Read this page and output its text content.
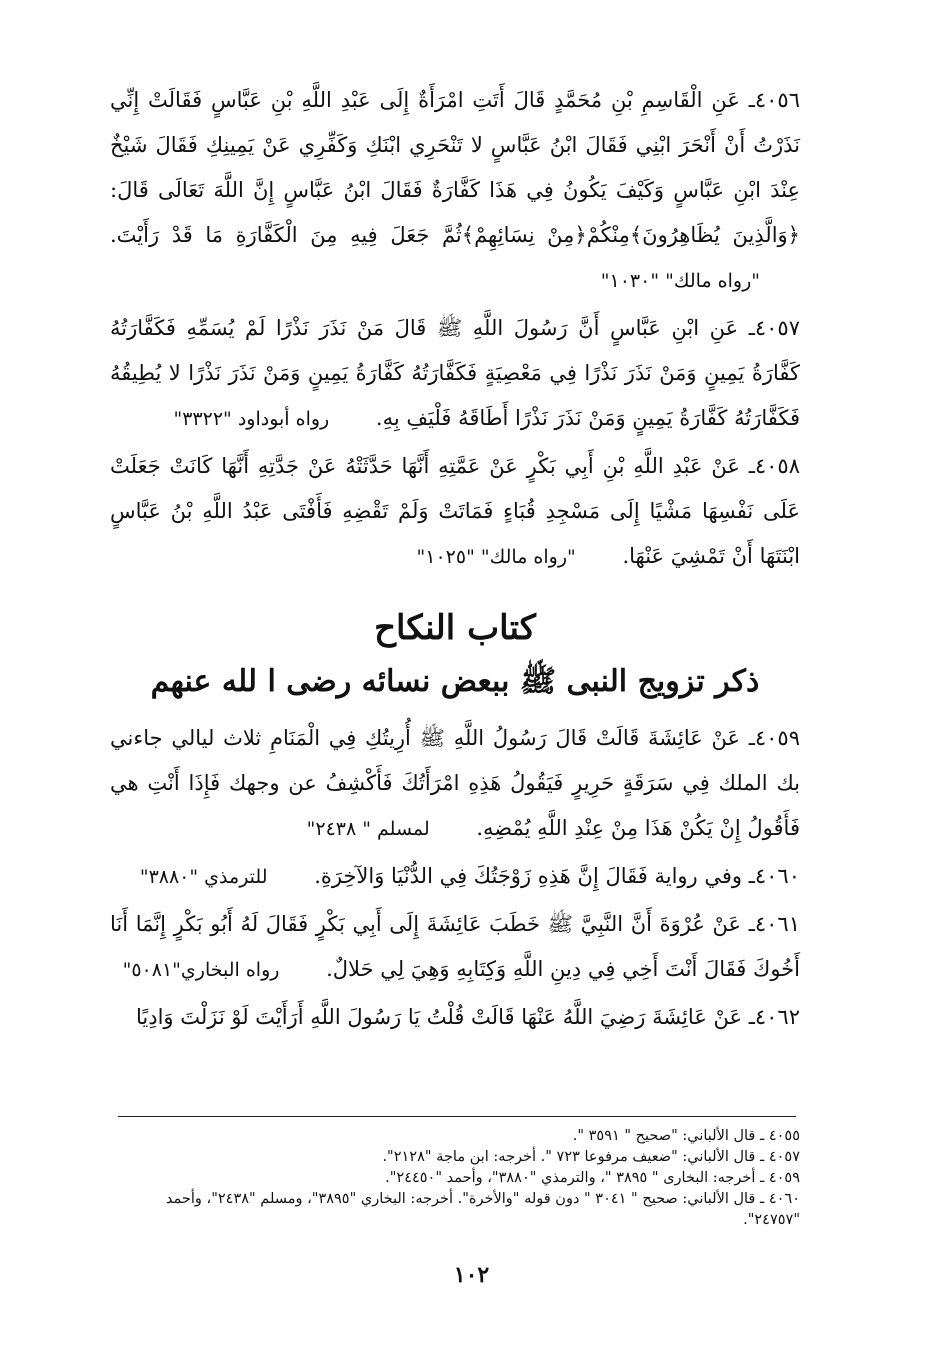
٤٠٥٦ـ عَنِ الْقَاسِمِ بْنِ مُحَمَّدٍ قَالَ أَتَتِ امْرَأَةٌ إِلَى عَبْدِ اللَّهِ بْنِ عَبَّاسٍ فَقَالَتْ إِنِّي نَذَرْتُ أَنْ أَنْحَرَ ابْنِي فَقَالَ ابْنُ عَبَّاسٍ لا تَنْحَرِي ابْنَكِ وَكَفِّرِي عَنْ يَمِينِكِ فَقَالَ شَيْخٌ عِنْدَ ابْنِ عَبَّاسٍ وَكَيْفَ يَكُونُ فِي هَذَا كَفَّارَةٌ فَقَالَ ابْنُ عَبَّاسٍ إِنَّ اللَّهَ تَعَالَى قَالَ: ﴿وَالَّذِينَ يُظَاهِرُونَ﴾مِنْكُمْ﴿مِنْ نِسَائِهِمْ﴾ثُمَّ جَعَلَ فِيهِ مِنَ الْكَفَّارَةِ مَا قَدْ رَأَيْتَ. "رواه مالك" "١٠٣٠"

٤٠٥٧ـ عَنِ ابْنِ عَبَّاسٍ أَنَّ رَسُولَ اللَّهِ ﷺ قَالَ مَنْ نَذَرَ نَذْرًا لَمْ يُسَمِّهِ فَكَفَّارَتُهُ كَفَّارَةُ يَمِينٍ وَمَنْ نَذَرَ نَذْرًا فِي مَعْصِيَةٍ فَكَفَّارَتُهُ كَفَّارَةُ يَمِينٍ وَمَنْ نَذَرَ نَذْرًا لا يُطِيقُهُ فَكَفَّارَتُهُ كَفَّارَةُ يَمِينٍ وَمَنْ نَذَرَ نَذْرًا أَطَاقَهُ فَلْيَفِ بِهِ. رواه أبوداود "٣٣٢٢"

٤٠٥٨ـ عَنْ عَبْدِ اللَّهِ بْنِ أَبِي بَكْرٍ عَنْ عَمَّتِهِ أَنَّهَا حَدَّثَتْهُ عَنْ جَدَّتِهِ أَنَّهَا كَانَتْ جَعَلَتْ عَلَى نَفْسِهَا مَشْيًا إِلَى مَسْجِدِ قُبَاءٍ فَمَاتَتْ وَلَمْ تَقْضِهِ فَأَفْتَى عَبْدُ اللَّهِ بْنُ عَبَّاسٍ ابْنَتَهَا أَنْ تَمْشِيَ عَنْهَا. "رواه مالك" "١٠٢٥"

كتاب النكاح
ذكر تزويج النبى ﷺ ببعض نسائه رضى ا لله عنهم

٤٠٥٩ـ عَنْ عَائِشَةَ قَالَتْ قَالَ رَسُولُ اللَّهِ ﷺ أُرِيتُكِ فِي الْمَنَامِ ثلاث ليالي جاءني بك الملك فِي سَرَقَةٍ حَرِيرٍ فَيَقُولُ هَذِهِ امْرَأَتُكَ فَأَكْشِفُ عن وجهك فَإِذَا أَنْتِ هي فَأَقُولُ إِنْ يَكُنْ هَذَا مِنْ عِنْدِ اللَّهِ يُمْضِهِ. لمسلم " ٢٤٣٨"

٤٠٦٠ـ وفي رواية فَقَالَ إِنَّ هَذِهِ زَوْجَتُكَ فِي الدُّنْيَا وَالآخِرَةِ. للترمذي "٣٨٨٠"

٤٠٦١ـ عَنْ عُرْوَةَ أَنَّ النَّبِيَّ ﷺ خَطَبَ عَائِشَةَ إِلَى أَبِي بَكْرٍ فَقَالَ لَهُ أَبُو بَكْرٍ إِنَّمَا أَنَا أَخُوكَ فَقَالَ أَنْتَ أَخِي فِي دِينِ اللَّهِ وَكِتَابِهِ وَهِيَ لِي حَلالٌ. رواه البخاري"٥٠٨١"

٤٠٦٢ـ عَنْ عَائِشَةَ رَضِيَ اللَّهُ عَنْهَا قَالَتْ قُلْتُ يَا رَسُولَ اللَّهِ أَرَأَيْتَ لَوْ نَزَلْتَ وَادِيًا

٤٠٥٥ ـ قال الألباني: "صحيح " ٣٥٩١ ".

٤٠٥٧ ـ قال الألباني: "ضعيف مرفوعا ٧٢٣ ". أخرجه: ابن ماجة "٢١٢٨".

٤٠٥٩ ـ أخرجه: البخارى " ٣٨٩٥ "، والترمذي "٣٨٨٠"، وأحمد "٢٤٤٥٠".

٤٠٦٠ ـ قال الألباني: صحيح " ٣٠٤١ " دون قوله "والأخرة". أخرجه: البخاري "٣٨٩٥"، ومسلم "٢٤٣٨"، وأحمد "٢٤٧٥٧".

١٠٢
